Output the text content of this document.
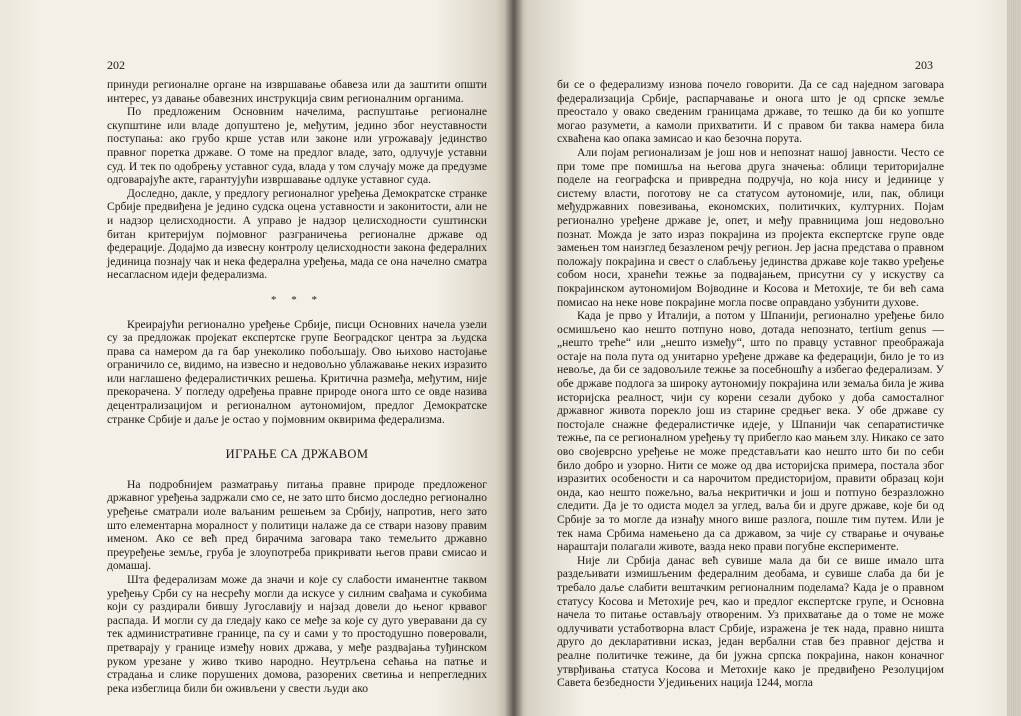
202

принуди регионалне органе на извршавање обавеза или да заштити општи интерес, уз давање обавезних инструкција свим регионалним органима.

По предложеним Основним начелима, распуштање регионалне скупштине или владе допуштено је, међутим, једино због неуставности поступања: ако грубо крше устав или законе или угрожавају јединство правног поретка државе. О томе на предлог владе, зато, одлучује уставни суд. И тек по одобрењу уставног суда, влада у том случају може да предузме одговарајуће акте, гарантујући извршавање одлуке уставног суда.

Доследно, дакле, у предлогу регионалног уређења Демократске странке Србије предвиђена је једино судска оцена уставности и законитости, али не и надзор целисходности. А управо је надзор целисходности суштински битан критеријум појмовног разграничења регионалне државе од федерације. Додајмо да извесну контролу целисходности закона федералних јединица познају чак и нека федерална уређења, мада се она начелно сматра несагласном идеји федерализма.

* * *

Креирајући регионално уређење Србије, писци Основних начела узели су за предложак пројекат експертске групе Београдског центра за људска права са намером да га бар унеколико побољшају. Ово њихово настојање ограничило се, видимо, на извесно и недовољно ублажавање неких изразито или наглашено федералистичких решења. Критична размеђа, међутим, није прекорачена. У погледу одређења правне природе онога што се овде назива децентрализацијом и регионалном аутономијом, предлог Демократске странке Србије и даље је остао у појмовним оквирима федерализма.

ИГРАЊЕ СА ДРЖАВОМ

На подробнијем разматрању питања правне природе предложеног државног уређења задржали смо се, не зато што бисмо доследно регионално уређење сматрали иоле ваљаним решењем за Србију, напротив, него зато што елементарна моралност у политици налаже да се ствари назову правим именом. Ако се већ пред бирачима заговара тако темељито државно преуређење земље, груба је злоупотреба прикривати његов прави смисао и домашај.

Шта федерализам може да значи и које су слабости иманентне таквом уређењу Срби су на несрећу могли да искусе у силним свађама и сукобима који су раздирали бившу Југославију и најзад довели до њеног крвавог распада. И могли су да гледају како се међе за које су дуго уверавани да су тек административне границе, па су и сами у то простодушно поверовали, претварају у границе између нових држава, у међе раздвајања туђинском руком урезане у живо ткиво народно. Неутрљена сећања на патње и страдања и слике порушених домова, разорених светиња и непрегледних река избеглица били би оживљени у свести људи ако

203

би се о федерализму изнова почело говорити. Да се сад наједном заговара федерализација Србије, распарчавање и онога што је од српске земље преостало у овако сведеним границама државе, то тешко да би ко уопште могао разумети, а камоли прихватити. И с правом би таква намера била схваћена као опака замисао и као безочна порута.

Али појам регионализам је још нов и непознат нашој јавности. Често се при томе пре помишља на његова друга значења: облици територијалне поделе на географска и привредна подручја, но која нису и јединице у систему власти, поготову не са статусом аутономије, или, пак, облици међудржавних повезивања, економских, политичких, културних. Појам регионално уређене државе је, опет, и међу правницима још недовољно познат. Можда је зато израз покрајина из пројекта експертске групе овде замењен том наизглед безазленом речју регион. Јер јасна представа о правном положају покрајина и свест о слабљењу јединства државе које такво уређење собом носи, хранећи тежње за подвајањем, присутни су у искуству са покрајинском аутономијом Војводине и Косова и Метохије, те би већ сама помисао на неке нове покрајине могла посве оправдано узбунити духове.

Када је прво у Италији, а потом у Шпанији, регионално уређење било осмишљено као нешто потпуно ново, дотада непознато, tertium genus — „нешто треће“ или „нешто између“, што по правцу уставног преображаја остаје на пола пута од унитарно уређене државе ка федерацији, било је то из невоље, да би се задовољиле тежње за посебношћу а избегао федерализам. У обе државе подлога за широку аутономију покрајина или земаља била је жива историјска реалност, чији су корени сезали дубоко у доба самосталног државног живота порекло још из старине средњег века. У обе државе су постојале снажне федералистичке идеје, у Шпанији чак сепаратистичке тежње, па се регионалном уређењу тү прибегло као мањем злу. Никако се зато ово својеврсно уређење не може представљати као нешто што би по себи било добро и узорно. Нити се може од два историјска примера, постала због изразитих особености и са нарочитом предисторијом, правити образац који онда, као нешто пожељно, ваља некритички и још и потпуно безразложно следити. Да је то одиста модел за углед, ваља би и друге државе, које би од Србије за то могле да изнађу много више разлога, пошле тим путем. Или је тек нама Србима намењено да са државом, за чије су стварање и очување нараштаји полагали животе, вазда неко прави погубне експерименте.

Није ли Србија данас већ сувише мала да би се више имало шта раздељивати измишљеним федералним деобама, и сувише слаба да би је требало даље слабити вештачким регионалним поделама? Када је о правном статусу Косова и Метохије реч, као и предлог експертске групе, и Основна начела то питање остављају отвореним. Уз прихватање да о томе не може одлучивати устаботворна власт Србије, изражена је тек нада, правно ништа друго до декларативни исказ, један вербални став без правног дејства и реалне политичке тежине, да би јужна српска покрајина, након коначног утврђивања статуса Косова и Метохије како је предвиђено Резолуцијом Савета безбедности Уједињених нација 1244, могла
